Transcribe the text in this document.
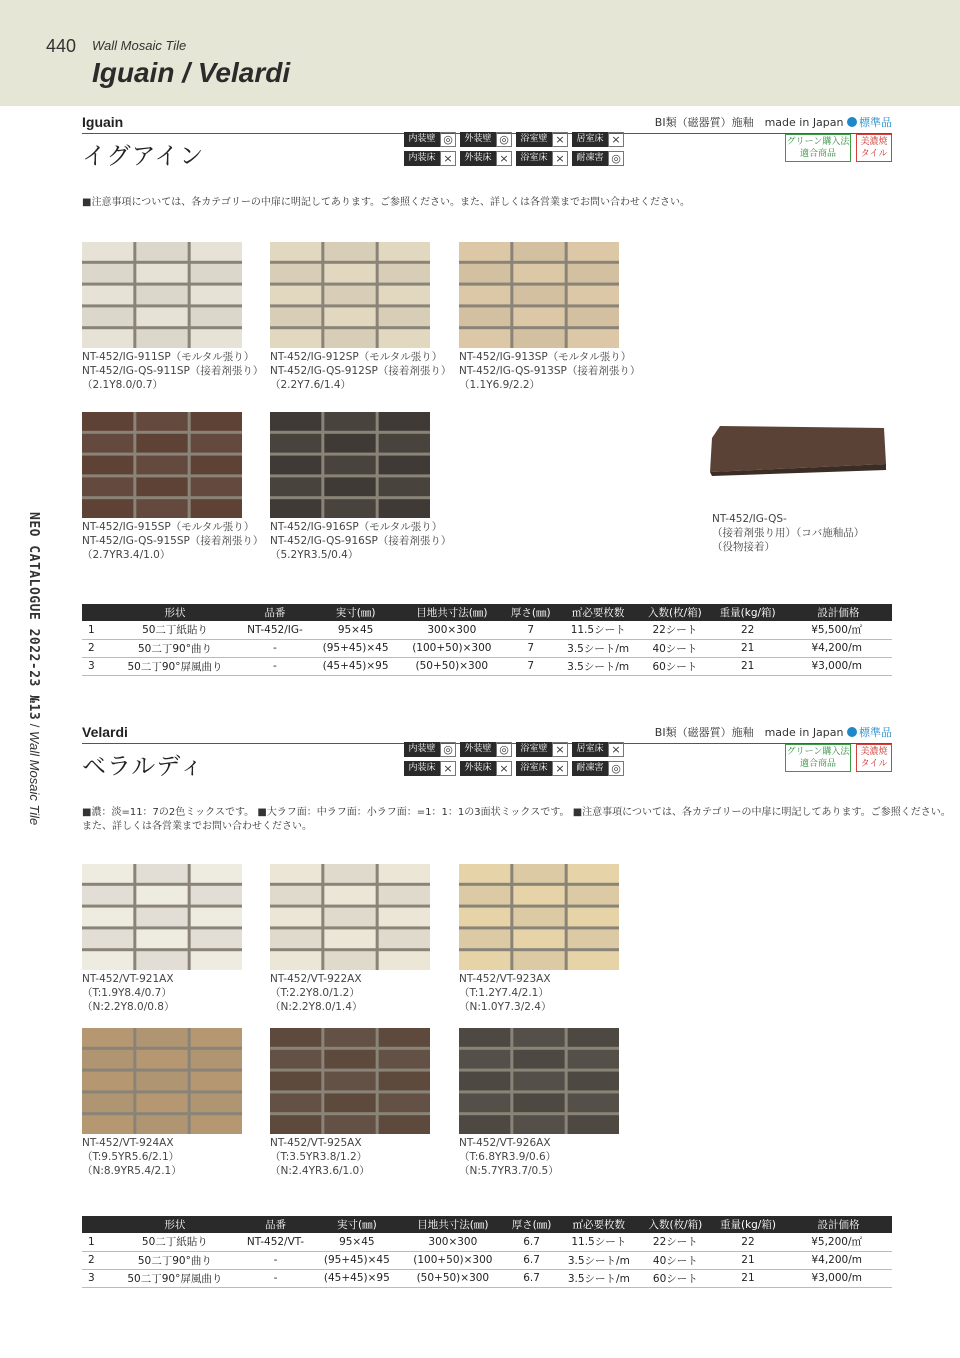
440 Wall Mosaic Tile
Iguain / Velardi
NEO CATALOGUE 2022-23 №13 / Wall Mosaic Tile
Iguain	BⅠ類（磁器質）施釉　made in Japan 標準品
イグアイン
内装壁 ◎	外装壁 ◎	浴室壁 ×	居室床 ×
内装床 ×	外装床 ×	浴室床 ×	耐凍害 ◎
グリーン購入法
適合商品
美濃焼
タイル
■注意事項については、各カテゴリーの中扉に明記してあります。ご参照ください。また、詳しくは各営業までお問い合わせください。
NT-452/IG-911SP（モルタル張り）
NT-452/IG-QS-911SP（接着剤張り）
（2.1Y8.0/0.7）
NT-452/IG-912SP（モルタル張り）
NT-452/IG-QS-912SP（接着剤張り）
（2.2Y7.6/1.4）
NT-452/IG-913SP（モルタル張り）
NT-452/IG-QS-913SP（接着剤張り）
（1.1Y6.9/2.2）
NT-452/IG-915SP（モルタル張り）
NT-452/IG-QS-915SP（接着剤張り）
（2.7YR3.4/1.0）
NT-452/IG-916SP（モルタル張り）
NT-452/IG-QS-916SP（接着剤張り）
（5.2YR3.5/0.4）
NT-452/IG-QS-
（接着剤張り用）（コバ施釉品）
（役物接着）
	形状	品番	実寸(㎜)	目地共寸法(㎜)	厚さ(㎜)	㎡必要枚数	入数(枚/箱)	重量(kg/箱)	設計価格
1	50二丁紙貼り	NT-452/IG-	95×45	300×300	7	11.5シート	22シート	22	¥5,500/㎡
2	50二丁90°曲り	-	(95+45)×45	(100+50)×300	7	3.5シート/m	40シート	21	¥4,200/m
3	50二丁90°屏風曲り	-	(45+45)×95	(50+50)×300	7	3.5シート/m	60シート	21	¥3,000/m
Velardi	BⅠ類（磁器質）施釉　made in Japan 標準品
ベラルディ
内装壁 ◎	外装壁 ◎	浴室壁 ×	居室床 ×
内装床 ×	外装床 ×	浴室床 ×	耐凍害 ◎
グリーン購入法
適合商品
美濃焼
タイル
■濃：淡=11：7の2色ミックスです。 ■大ラフ面：中ラフ面：小ラフ面：=1：1：1の3面状ミックスです。 ■注意事項については、各カテゴリーの中扉に明記してあります。ご参照ください。
また、詳しくは各営業までお問い合わせください。
NT-452/VT-921AX
（T:1.9Y8.4/0.7）
（N:2.2Y8.0/0.8）
NT-452/VT-922AX
（T:2.2Y8.0/1.2）
（N:2.2Y8.0/1.4）
NT-452/VT-923AX
（T:1.2Y7.4/2.1）
（N:1.0Y7.3/2.4）
NT-452/VT-924AX
（T:9.5YR5.6/2.1）
（N:8.9YR5.4/2.1）
NT-452/VT-925AX
（T:3.5YR3.8/1.2）
（N:2.4YR3.6/1.0）
NT-452/VT-926AX
（T:6.8YR3.9/0.6）
（N:5.7YR3.7/0.5）
	形状	品番	実寸(㎜)	目地共寸法(㎜)	厚さ(㎜)	㎡必要枚数	入数(枚/箱)	重量(kg/箱)	設計価格
1	50二丁紙貼り	NT-452/VT-	95×45	300×300	6.7	11.5シート	22シート	22	¥5,200/㎡
2	50二丁90°曲り	-	(95+45)×45	(100+50)×300	6.7	3.5シート/m	40シート	21	¥4,200/m
3	50二丁90°屏風曲り	-	(45+45)×95	(50+50)×300	6.7	3.5シート/m	60シート	21	¥3,000/m
